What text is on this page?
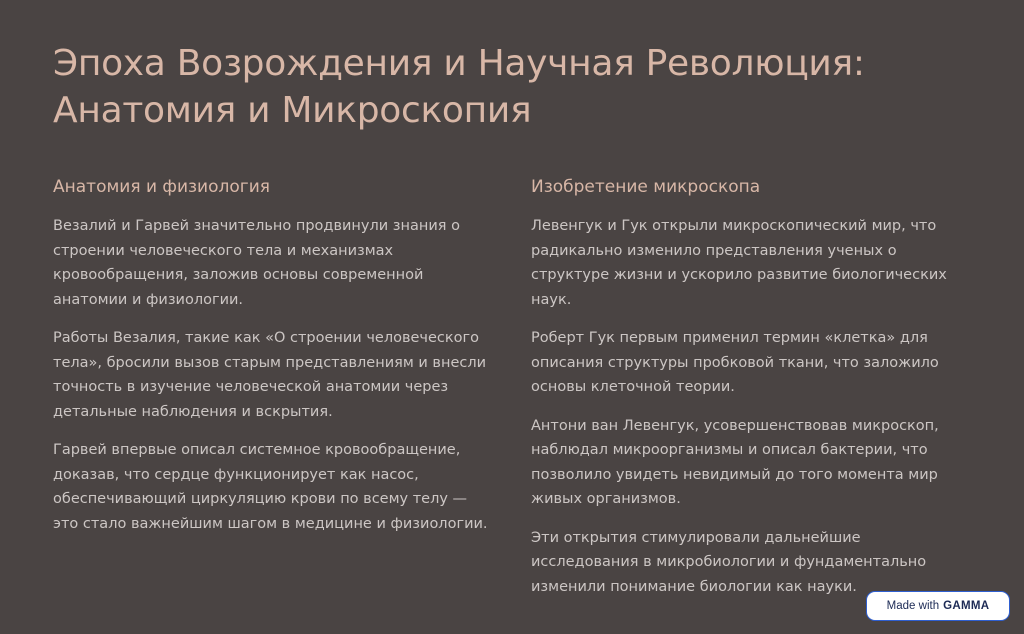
Эпоха Возрождения и Научная Революция:
Анатомия и Микроскопия
Анатомия и физиология

Везалий и Гарвей значительно продвинули знания о строении человеческого тела и механизмах кровообращения, заложив основы современной анатомии и физиологии.

Работы Везалия, такие как «О строении человеческого тела», бросили вызов старым представлениям и внесли точность в изучение человеческой анатомии через детальные наблюдения и вскрытия.

Гарвей впервые описал системное кровообращение, доказав, что сердце функционирует как насос, обеспечивающий циркуляцию крови по всему телу — это стало важнейшим шагом в медицине и физиологии.

Изобретение микроскопа

Левенгук и Гук открыли микроскопический мир, что радикально изменило представления ученых о структуре жизни и ускорило развитие биологических наук.

Роберт Гук первым применил термин «клетка» для описания структуры пробковой ткани, что заложило основы клеточной теории.

Антони ван Левенгук, усовершенствовав микроскоп, наблюдал микроорганизмы и описал бактерии, что позволило увидеть невидимый до того момента мир живых организмов.

Эти открытия стимулировали дальнейшие исследования в микробиологии и фундаментально изменили понимание биологии как науки.

Made with GAMMA
